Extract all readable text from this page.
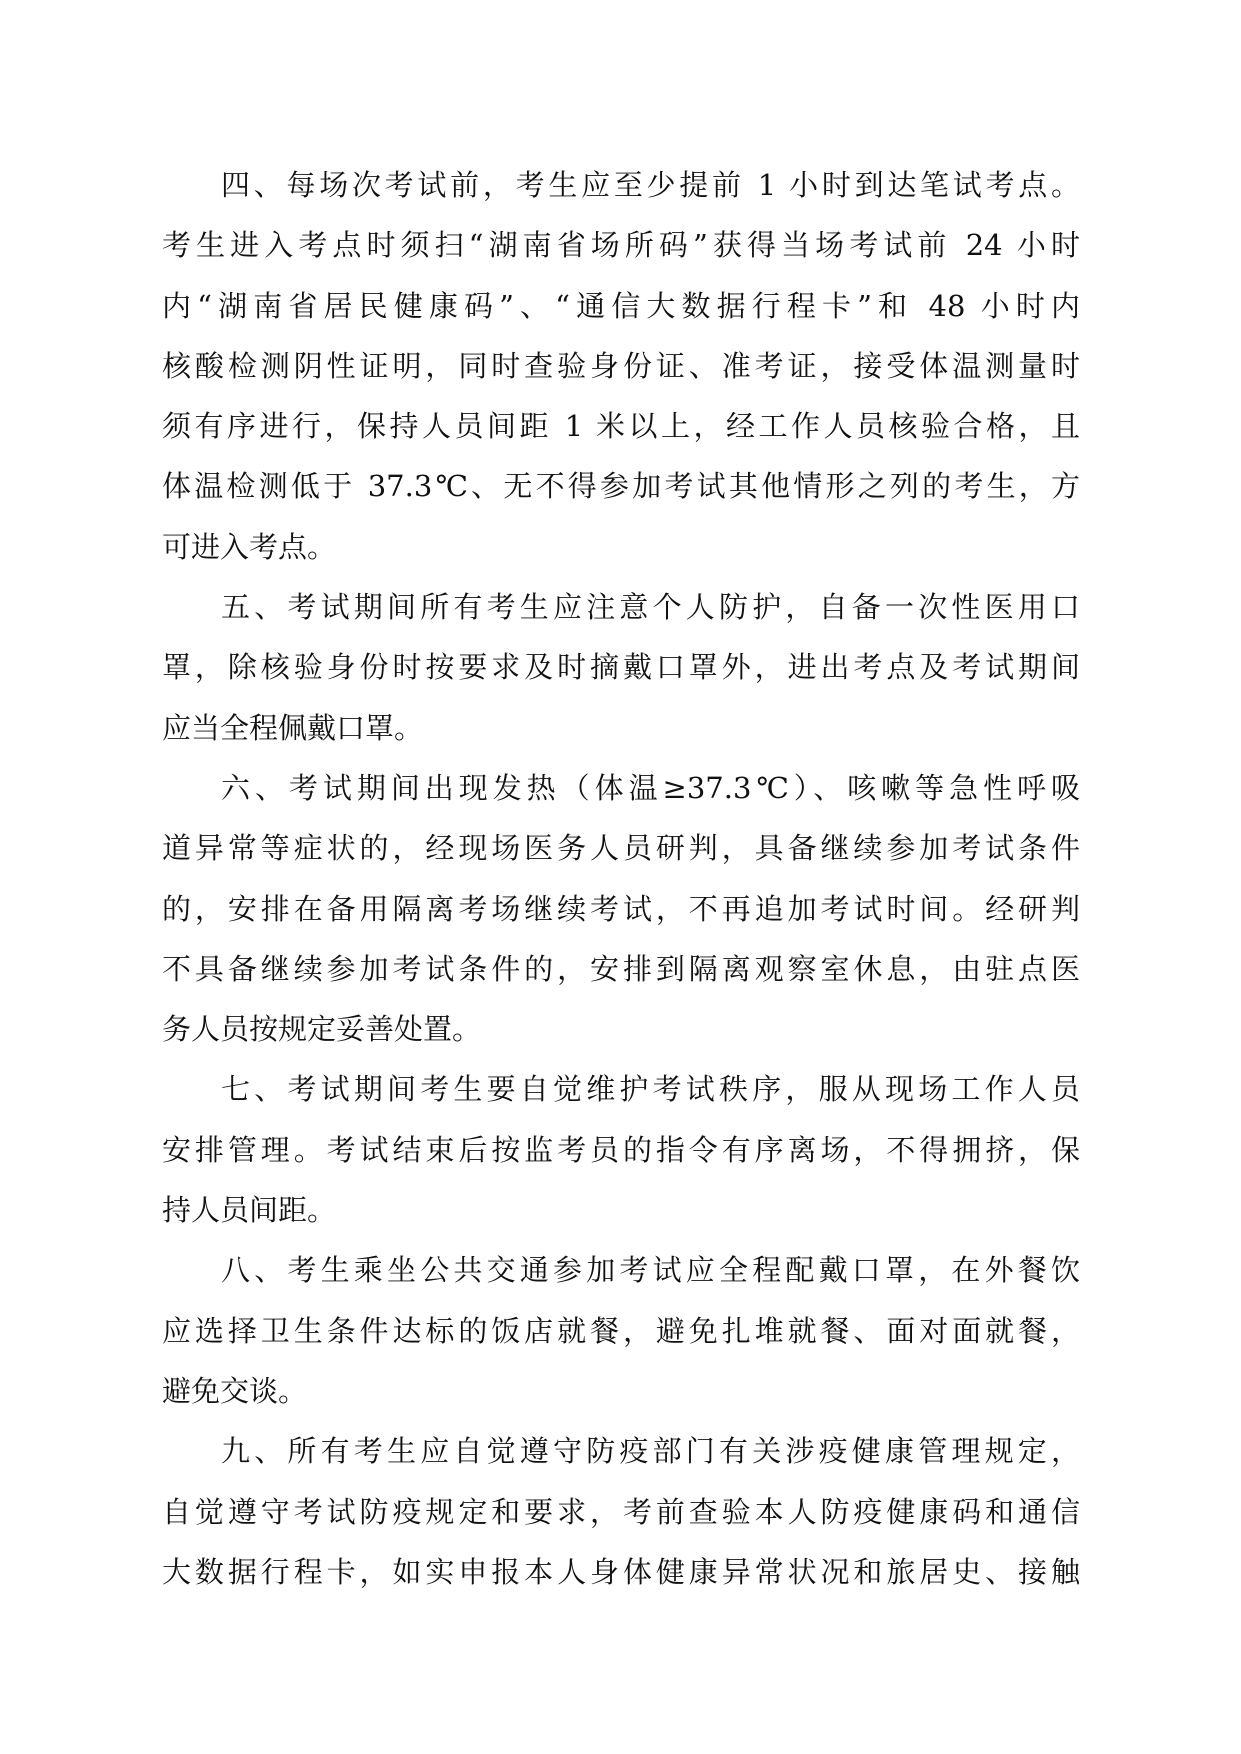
四、每场次考试前，考生应至少提前 1 小时到达笔试考点。
考生进入考点时须扫“湖南省场所码”获得当场考试前 24 小时
内“湖南省居民健康码”、“通信大数据行程卡”和 48 小时内
核酸检测阴性证明，同时查验身份证、准考证，接受体温测量时
须有序进行，保持人员间距 1 米以上，经工作人员核验合格，且
体温检测低于 37.3℃、无不得参加考试其他情形之列的考生，方
可进入考点。
五、考试期间所有考生应注意个人防护，自备一次性医用口
罩，除核验身份时按要求及时摘戴口罩外，进出考点及考试期间
应当全程佩戴口罩。
六、考试期间出现发热（体温≥37.3℃）、咳嗽等急性呼吸
道异常等症状的，经现场医务人员研判，具备继续参加考试条件
的，安排在备用隔离考场继续考试，不再追加考试时间。经研判
不具备继续参加考试条件的，安排到隔离观察室休息，由驻点医
务人员按规定妥善处置。
七、考试期间考生要自觉维护考试秩序，服从现场工作人员
安排管理。考试结束后按监考员的指令有序离场，不得拥挤，保
持人员间距。
八、考生乘坐公共交通参加考试应全程配戴口罩，在外餐饮
应选择卫生条件达标的饭店就餐，避免扎堆就餐、面对面就餐，
避免交谈。
九、所有考生应自觉遵守防疫部门有关涉疫健康管理规定，
自觉遵守考试防疫规定和要求，考前查验本人防疫健康码和通信
大数据行程卡，如实申报本人身体健康异常状况和旅居史、接触
